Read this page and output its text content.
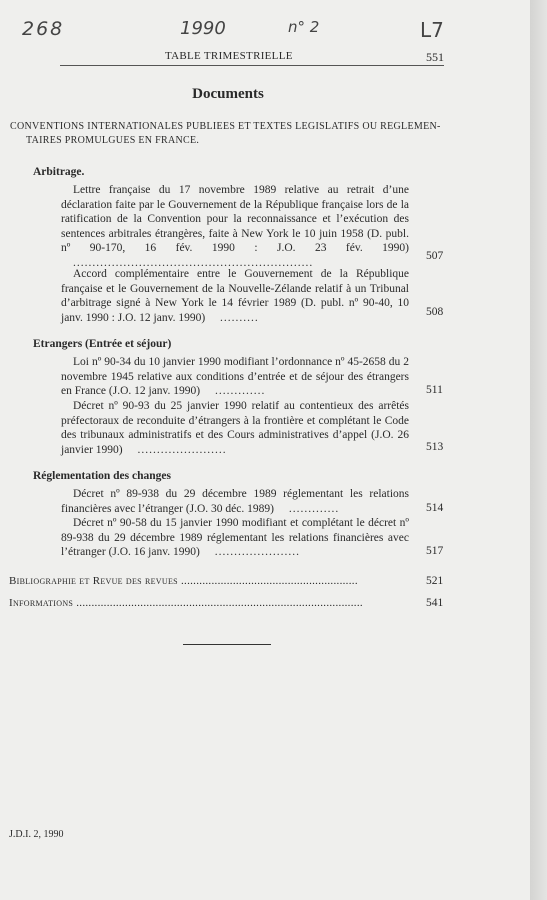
268	1990	n° 2	L7
TABLE TRIMESTRIELLE	551
Documents
CONVENTIONS INTERNATIONALES PUBLIEES ET TEXTES LEGISLATIFS OU REGLEMEN-
TAIRES PROMULGUES EN FRANCE.
Arbitrage.
Lettre française du 17 novembre 1989 relative au retrait d’une déclaration faite par le Gouvernement de la République française lors de la ratification de la Convention pour la reconnaissance et l’exécution des sentences arbitrales étrangères, faite à New York le 10 juin 1958 (D. publ. nº 90-170, 16 fév. 1990 : J.O. 23 fév. 1990) ..............................................................
507
Accord complémentaire entre le Gouvernement de la République française et le Gouvernement de la Nouvelle-Zélande relatif à un Tribunal d’arbitrage signé à New York le 14 février 1989 (D. publ. nº 90-40, 10 janv. 1990 : J.O. 12 janv. 1990) ..........	508
Etrangers (Entrée et séjour)
Loi nº 90-34 du 10 janvier 1990 modifiant l’ordonnance nº 45-2658 du 2 novembre 1945 relative aux conditions d’entrée et de séjour des étrangers en France (J.O. 12 janv. 1990) .............	511
Décret nº 90-93 du 25 janvier 1990 relatif au contentieux des arrêtés préfectoraux de reconduite d’étrangers à la frontière et complétant le Code des tribunaux administratifs et des Cours administratives d’appel (J.O. 26 janvier 1990) .......................	513
Réglementation des changes
Décret nº 89-938 du 29 décembre 1989 réglementant les relations financières avec l’étranger (J.O. 30 déc. 1989) .............	514
Décret nº 90-58 du 15 janvier 1990 modifiant et complétant le décret nº 89-938 du 29 décembre 1989 réglementant les relations financières avec l’étranger (J.O. 16 janv. 1990) ......................	517
Bibliographie et Revue des revues ..........................................................	521
Informations ..............................................................................................	541
J.D.I. 2, 1990
